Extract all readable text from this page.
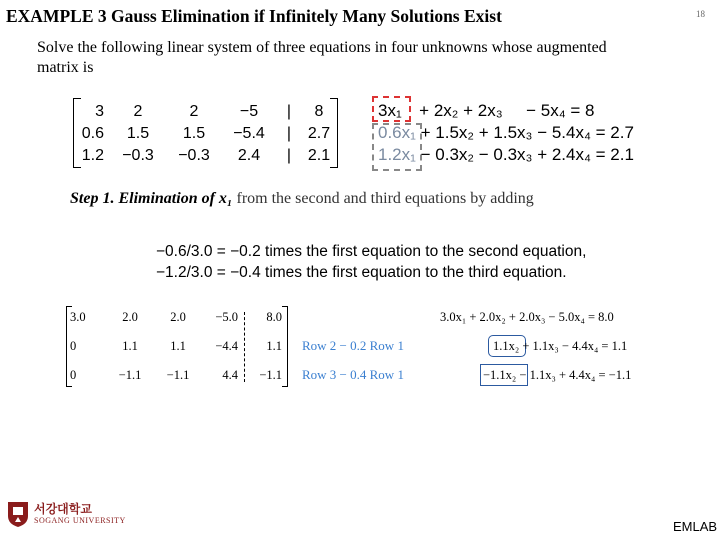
EXAMPLE 3 Gauss Elimination if Infinitely Many Solutions Exist	18
Solve the following linear system of three equations in four unknowns whose augmented matrix is
3
0.6
1.2
2
1.5
−0.3
2
1.5
−0.3
−5
−5.4
2.4
|
|
|
8
2.7
2.1
3x₁ + 2x₂ + 2x₃ − 5x₄ = 8
0.6x₁ + 1.5x₂ + 1.5x₃ − 5.4x₄ = 2.7
1.2x₁ − 0.3x₂ − 0.3x₃ + 2.4x₄ = 2.1
Step 1. Elimination of x₁ from the second and third equations by adding
−0.6/3.0 = −0.2 times the first equation to the second equation,
−1.2/3.0 = −0.4 times the first equation to the third equation.
3.0
0
0
2.0
1.1
−1.1
2.0
1.1
−1.1
−5.0
−4.4
4.4
8.0
1.1
−1.1
Row 2 − 0.2 Row 1
Row 3 − 0.4 Row 1
3.0x₁ + 2.0x₂ + 2.0x₃ − 5.0x₄ = 8.0
1.1x₂ + 1.1x₃ − 4.4x₄ = 1.1
−1.1x₂ − 1.1x₃ + 4.4x₄ = −1.1
서강대학교
SOGANG UNIVERSITY	EMLAB
